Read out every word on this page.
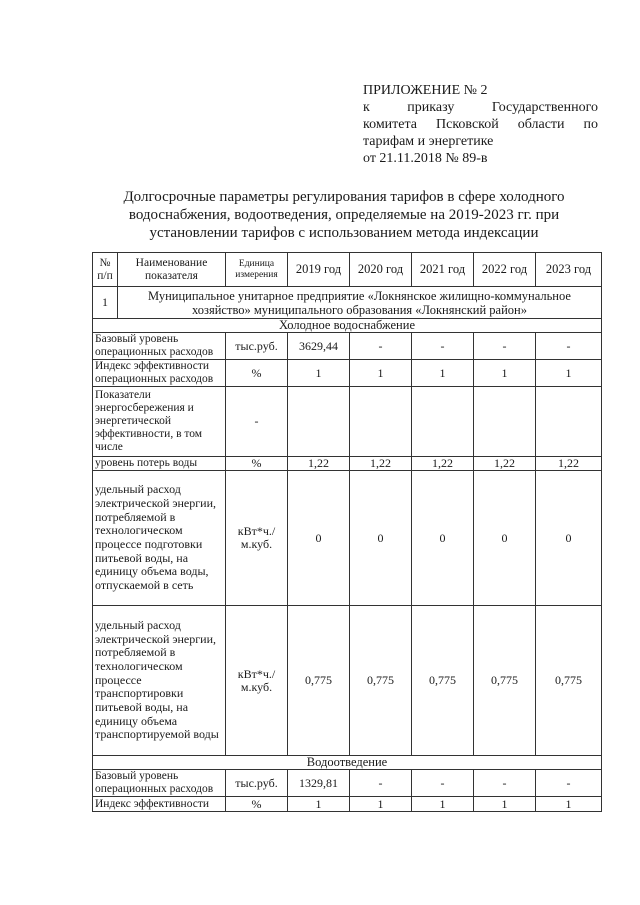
ПРИЛОЖЕНИЕ № 2
к приказу Государственного
комитета Псковской области по
тарифам и энергетике
от 21.11.2018 № 89-в
Долгосрочные параметры регулирования тарифов в сфере холодного водоснабжения, водоотведения, определяемые на 2019-2023 гг. при установлении тарифов с использованием метода индексации
№ п/п	Наименование показателя	Единица измерения	2019 год	2020 год	2021 год	2022 год	2023 год
1	Муниципальное унитарное предприятие «Локнянское жилищно-коммунальное хозяйство» муниципального образования «Локнянский район»						
Холодное водоснабжение							
Базовый уровень операционных расходов		тыс.руб.	3629,44	-	-	-	-
Индекс эффективности операционных расходов		%	1	1	1	1	1
Показатели энергосбережения и энергетической эффективности, в том числе		-					
уровень потерь воды		%	1,22	1,22	1,22	1,22	1,22
удельный расход электрической энергии, потребляемой в технологическом процессе подготовки питьевой воды, на единицу объема воды, отпускаемой в сеть		кВт*ч./м.куб.	0	0	0	0	0
удельный расход электрической энергии, потребляемой в технологическом процессе транспортировки питьевой воды, на единицу объема транспортируемой воды		кВт*ч./м.куб.	0,775	0,775	0,775	0,775	0,775
Водоотведение							
Базовый уровень операционных расходов		тыс.руб.	1329,81	-	-	-	-
Индекс эффективности		%	1	1	1	1	1
